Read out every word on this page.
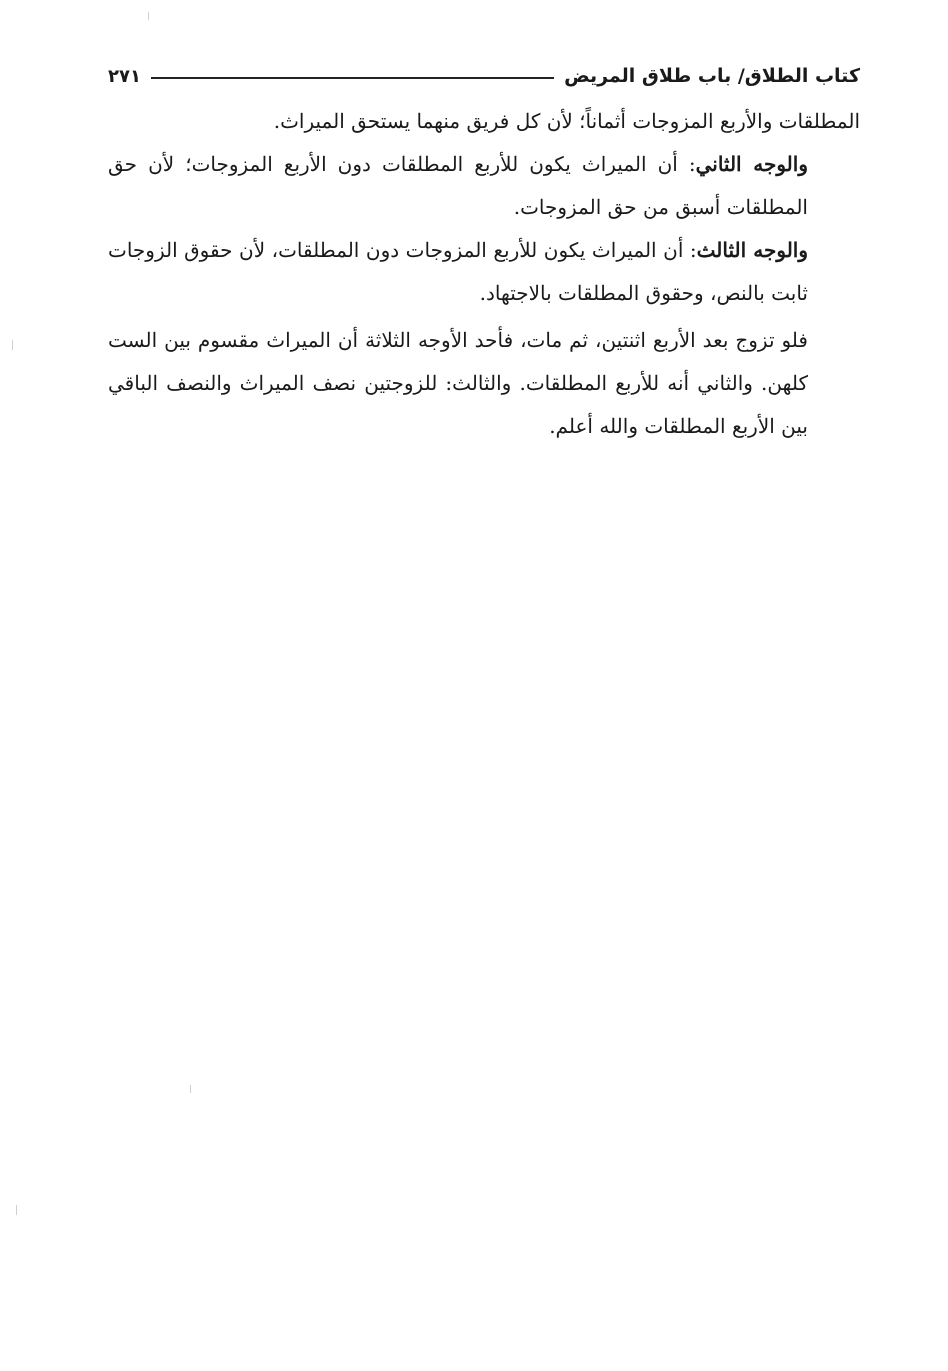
كتاب الطلاق/ باب طلاق المريض
٢٧١

المطلقات والأربع المزوجات أثماناً؛ لأن كل فريق منهما يستحق الميراث.

والوجه الثاني: أن الميراث يكون للأربع المطلقات دون الأربع المزوجات؛ لأن حق المطلقات أسبق من حق المزوجات.

والوجه الثالث: أن الميراث يكون للأربع المزوجات دون المطلقات، لأن حقوق الزوجات ثابت بالنص، وحقوق المطلقات بالاجتهاد.

فلو تزوج بعد الأربع اثنتين، ثم مات، فأحد الأوجه الثلاثة أن الميراث مقسوم بين الست كلهن. والثاني أنه للأربع المطلقات. والثالث: للزوجتين نصف الميراث والنصف الباقي بين الأربع المطلقات والله أعلم.
